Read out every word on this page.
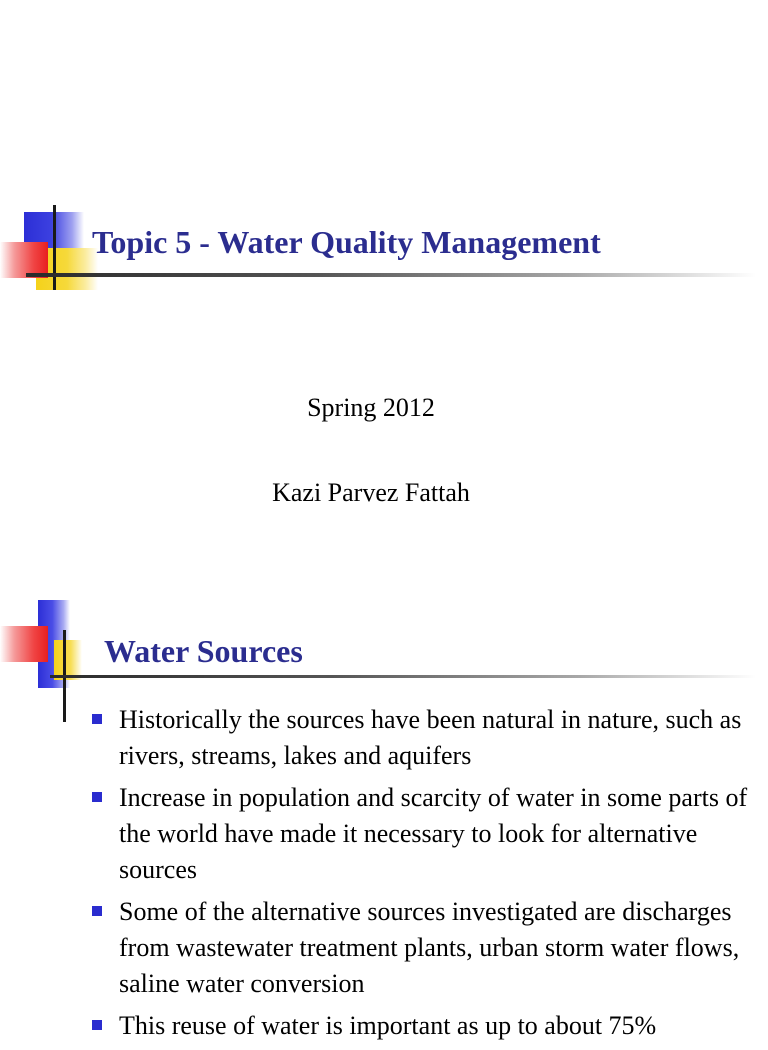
Topic 5 - Water Quality Management

Spring 2012

Kazi Parvez Fattah

Water Sources
Historically the sources have been natural in nature, such as rivers, streams, lakes and aquifers
Increase in population and scarcity of water in some parts of the world have made it necessary to look for alternative sources
Some of the alternative sources investigated are discharges from wastewater treatment plants, urban storm water flows, saline water conversion
This reuse of water is important as up to about 75%
